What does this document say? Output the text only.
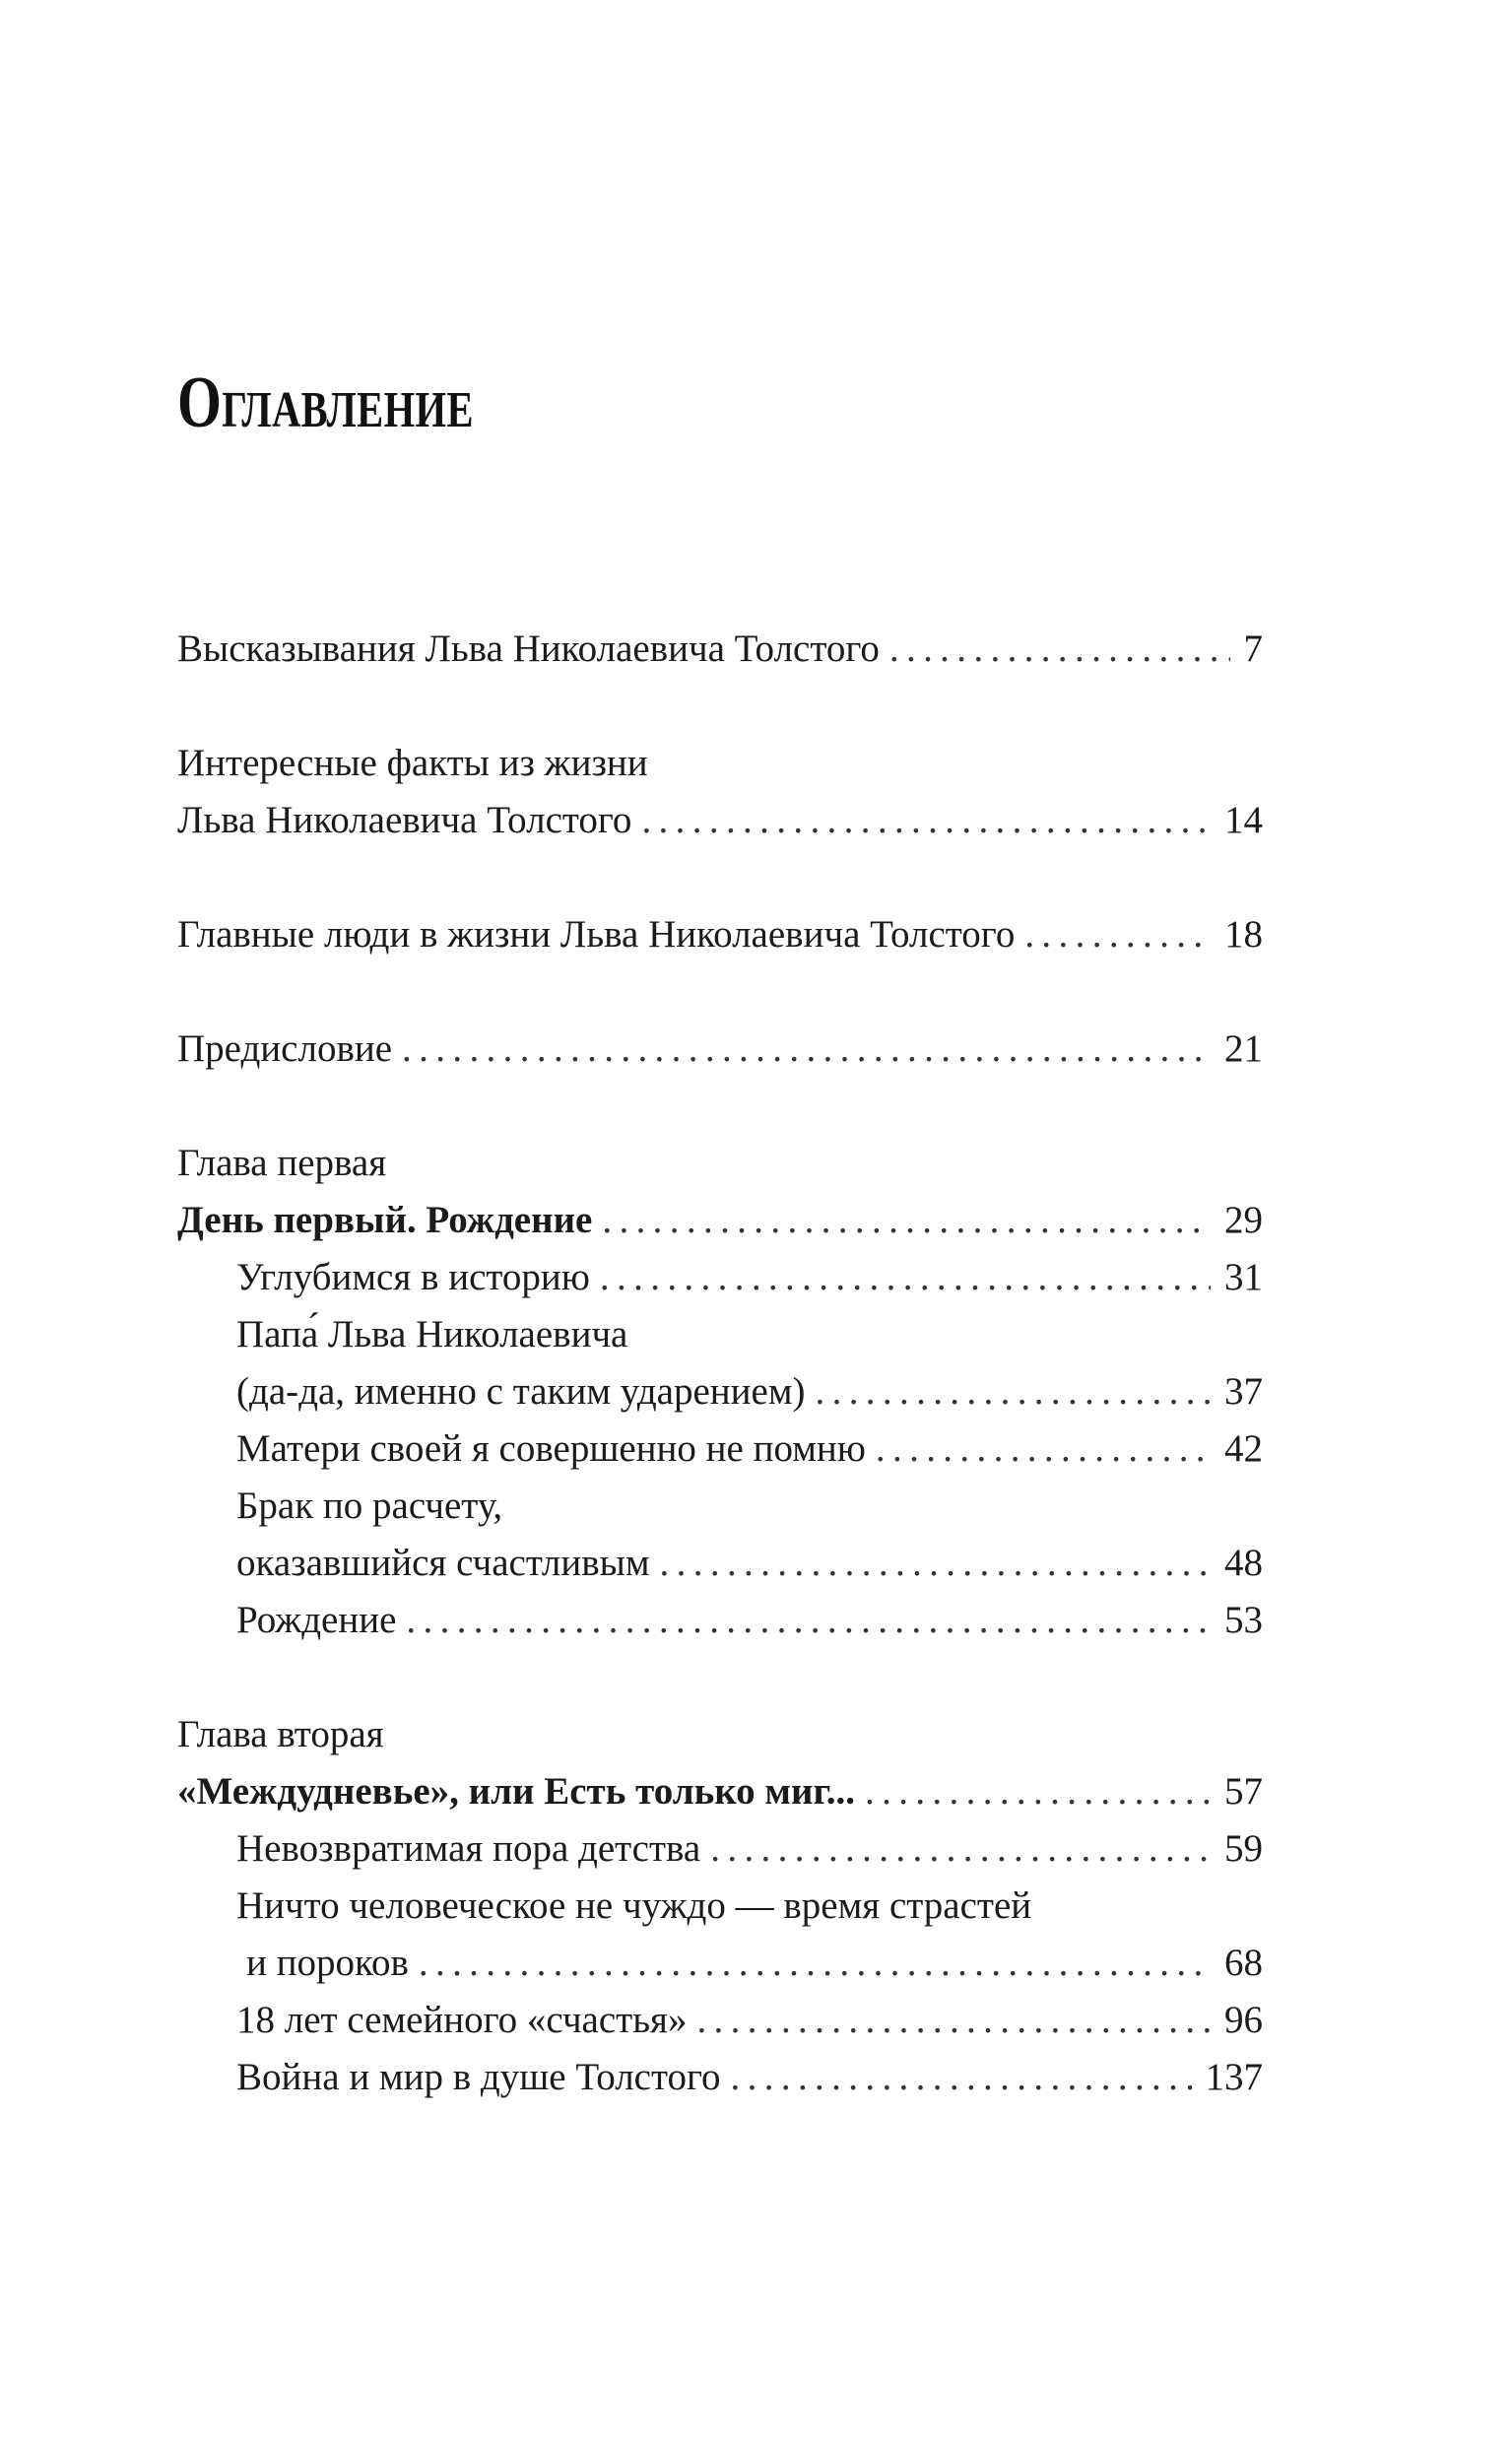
ОГЛАВЛЕНИЕ
Высказывания Льва Николаевича Толстого . . .	7
Интересные факты из жизни
Льва Николаевича Толстого . . .	14
Главные люди в жизни Льва Николаевича Толстого . . .	18
Предисловие . . .	21
Глава первая
День первый. Рождение . . .	29
Углубимся в историю . . .	31
Папа́ Льва Николаевича
(да-да, именно с таким ударением) . . .	37
Матери своей я совершенно не помню . . .	42
Брак по расчету,
оказавшийся счастливым . . .	48
Рождение . . .	53
Глава вторая
«Междудневье», или Есть только миг... . . .	57
Невозвратимая пора детства . . .	59
Ничто человеческое не чуждо — время страстей
и пороков . . .	68
18 лет семейного «счастья» . . .	96
Война и мир в душе Толстого . . .	137
